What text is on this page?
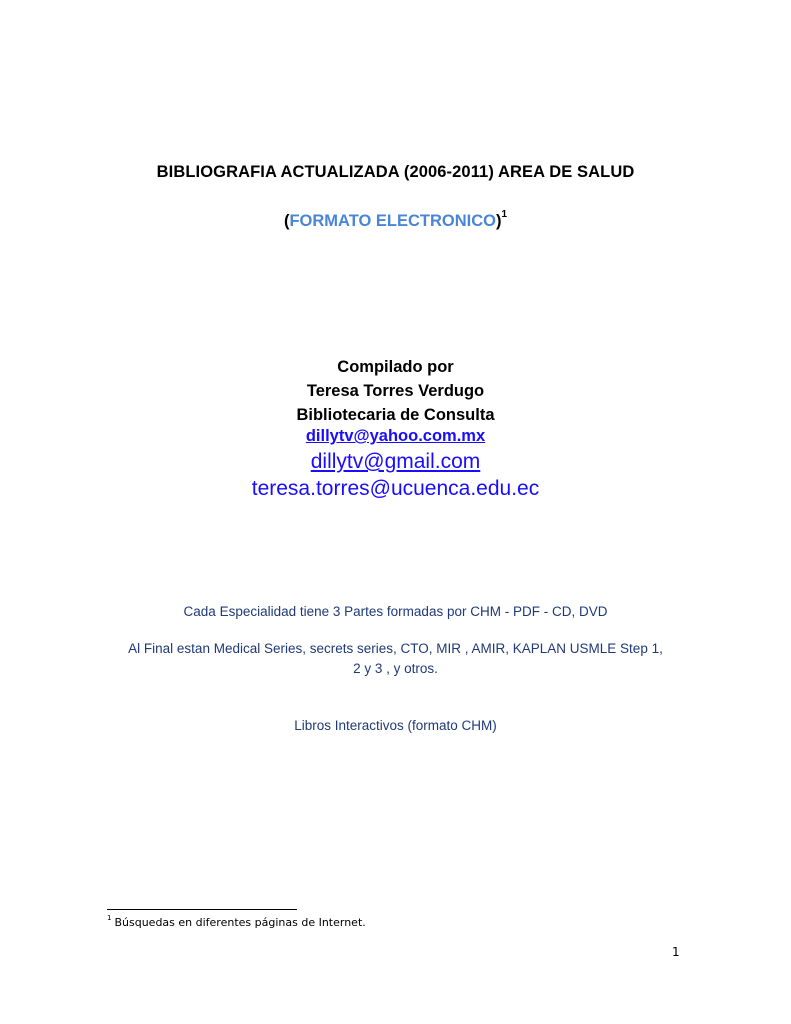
BIBLIOGRAFIA ACTUALIZADA (2006-2011) AREA DE SALUD
(FORMATO ELECTRONICO)$^1$
Compilado por
Teresa Torres Verdugo
Bibliotecaria de Consulta
dillytv@yahoo.com.mx
dillytv@gmail.com
teresa.torres@ucuenca.edu.ec
Cada Especialidad tiene 3 Partes formadas por CHM - PDF - CD, DVD
Al Final estan Medical Series, secrets series, CTO, MIR , AMIR, KAPLAN USMLE Step 1,
2 y 3 , y otros.
Libros Interactivos (formato CHM)
$^1$ Búsquedas en diferentes páginas de Internet.
1
